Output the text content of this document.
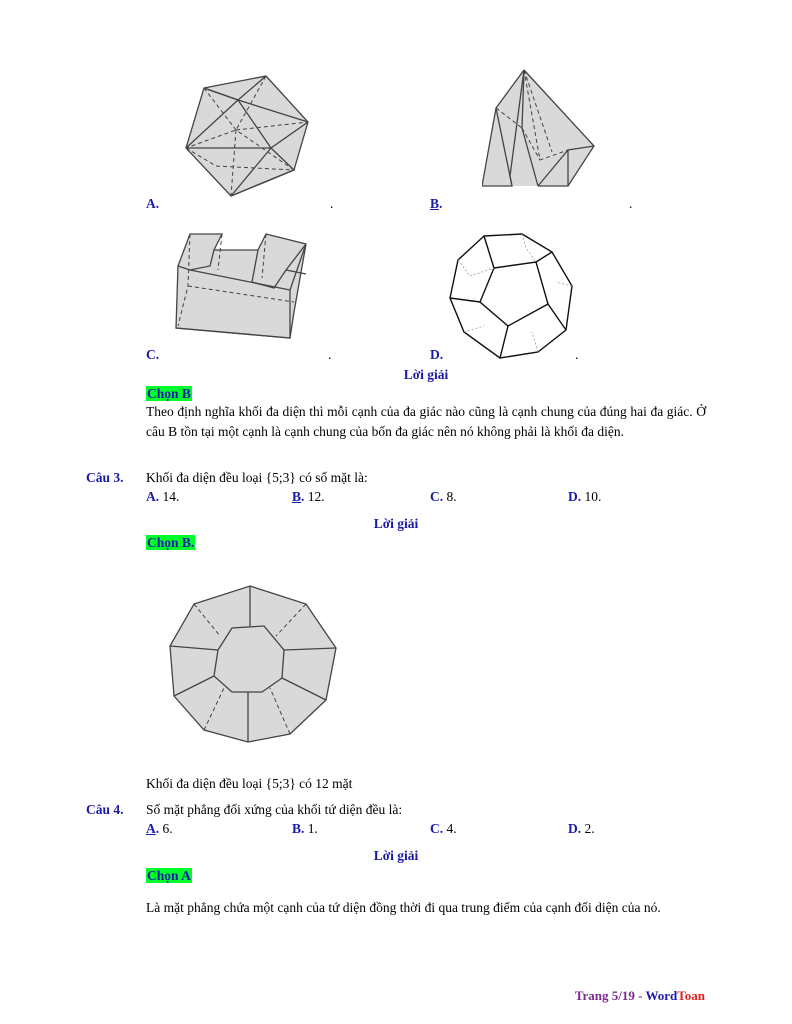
A.	.	B.	.
C.	.	D.	.
Lời giải
Chọn B
Theo định nghĩa khối đa diện thì mỗi cạnh của đa giác nào cũng là cạnh chung của đúng hai đa giác. Ở câu B tồn tại một cạnh là cạnh chung của bốn đa giác nên nó không phải là khối đa diện.
Câu 3. Khối đa diện đều loại {5;3} có số mặt là:
A. 14.	B. 12.	C. 8.	D. 10.
Lời giải
Chọn B.
Khối đa diện đều loại {5;3} có 12 mặt
Câu 4. Số mặt phẳng đối xứng của khối tứ diện đều là:
A. 6.	B. 1.	C. 4.	D. 2.
Lời giải
Chọn A
Là mặt phẳng chứa một cạnh của tứ diện đồng thời đi qua trung điểm của cạnh đối diện của nó.
Trang 5/19 - WordToan
